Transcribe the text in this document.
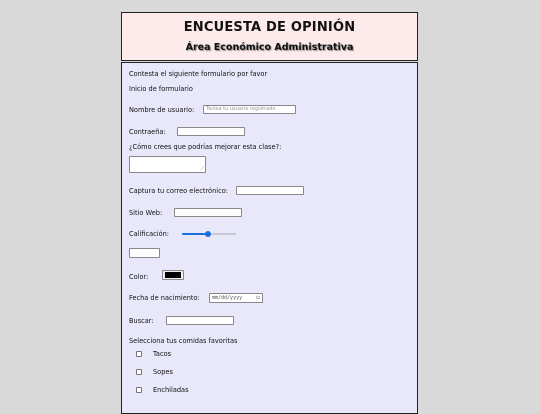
ENCUESTA DE OPINIÓN
Área Económico Administrativa
Contesta el siguiente formulario por favor
Inicio de formulario
Nombre de usuario:	Teclea tu usuario registrado
Contraeña:
¿Cómo crees que podrías mejorar esta clase?:
⟋
Captura tu correo electrónico:
Sitio Web:
Calificación:
Color:
Fecha de nacimiento:	mm/dd/yyyy ▭
Buscar:
Selecciona tus comidas favoritas
Tacos
Sopes
Enchiladas
